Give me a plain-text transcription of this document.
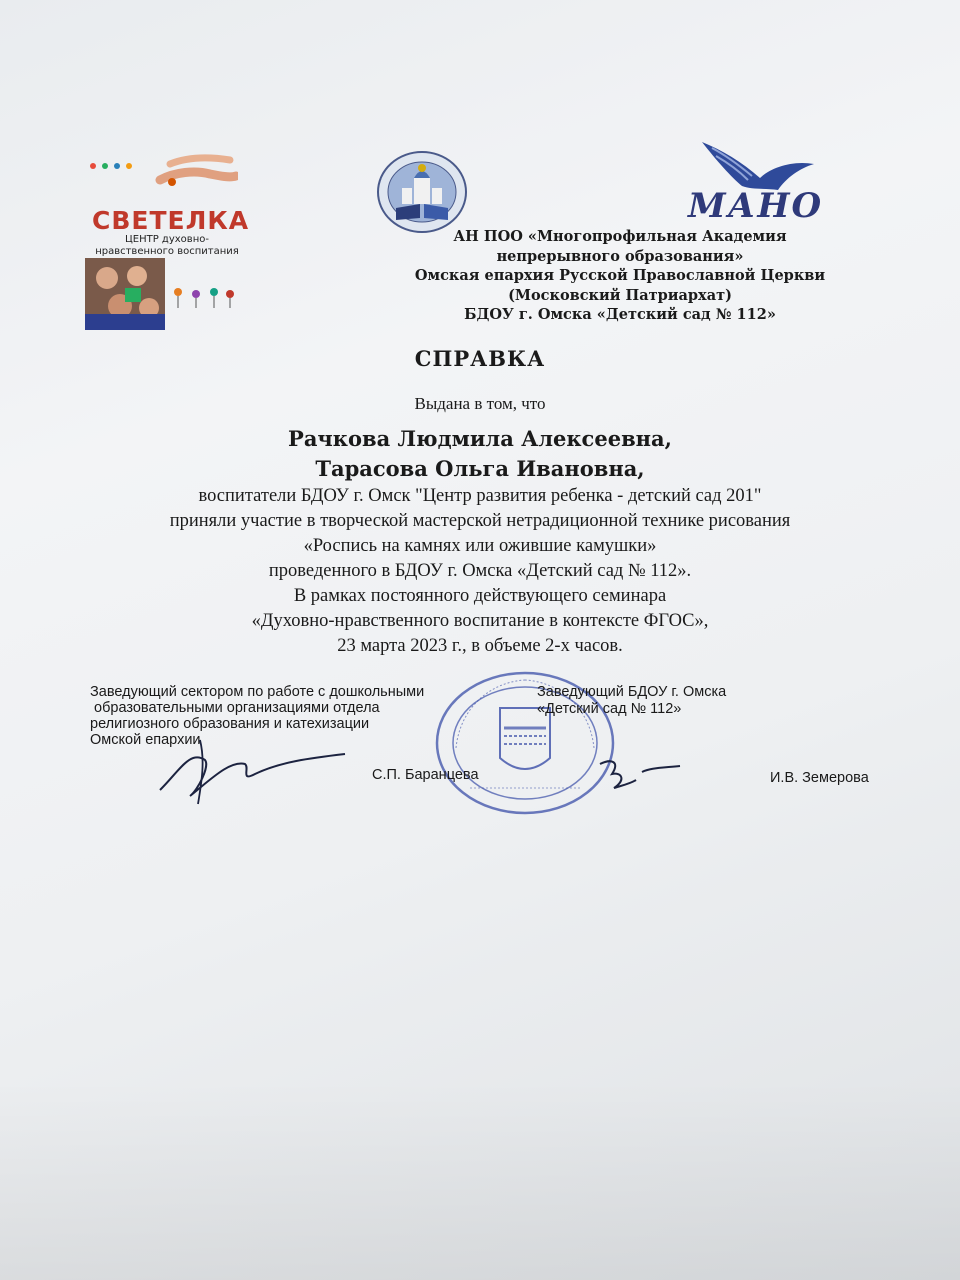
СВЕТЕЛКА
ЦЕНТР духовно-нравственного воспитания
МАНО
АН ПОО «Многопрофильная Академия
непрерывного образования»
Омская епархия Русской Православной Церкви
(Московский Патриархат)
БДОУ г. Омска «Детский сад № 112»
СПРАВКА
Выдана в том, что
Рачкова Людмила Алексеевна,
Тарасова Ольга Ивановна,
воспитатели БДОУ г. Омск "Центр развития ребенка - детский сад 201"
приняли участие в творческой мастерской нетрадиционной технике рисования
«Роспись на камнях или ожившие камушки»
проведенного в БДОУ г. Омска «Детский сад № 112».
В рамках постоянного действующего семинара
«Духовно-нравственного воспитание в контексте ФГОС»,
23 марта 2023 г., в объеме 2-х часов.
Заведующий сектором по работе с дошкольными
образовательными организациями отдела
религиозного образования и катехизации
Омской епархии
Заведующий БДОУ г. Омска
«Детский сад № 112»
С.П. Баранцева	И.В. Земерова
